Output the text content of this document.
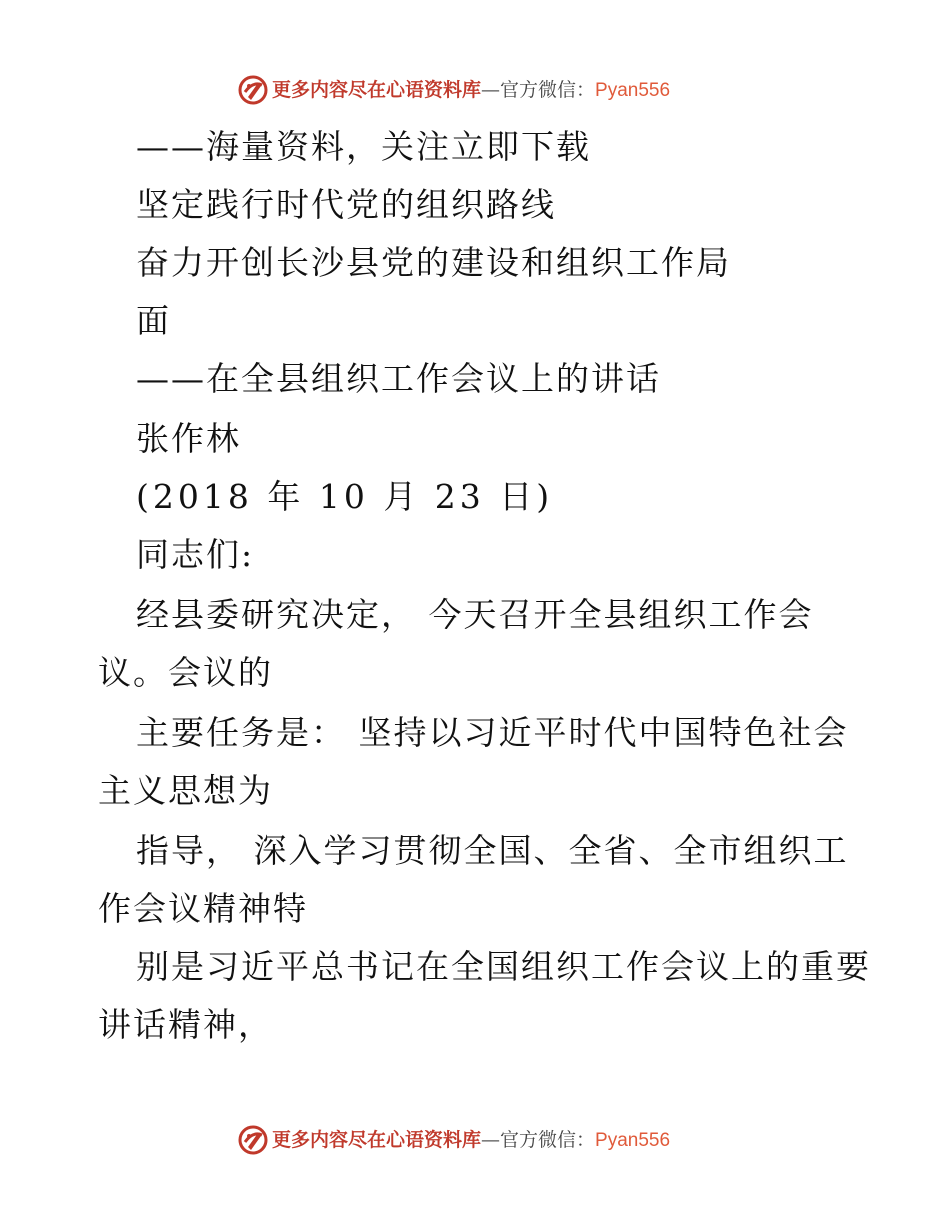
更多内容尽在心语资料库—官方微信：Pyan556
——海量资料，关注立即下载
坚定践行时代党的组织路线
奋力开创长沙县党的建设和组织工作局
面
——在全县组织工作会议上的讲话
张作林
(2018 年 10 月 23 日)
同志们:
经县委研究决定， 今天召开全县组织工作会
议。会议的
主要任务是： 坚持以习近平时代中国特色社会
主义思想为
指导， 深入学习贯彻全国、全省、全市组织工
作会议精神特
别是习近平总书记在全国组织工作会议上的重要
讲话精神，
更多内容尽在心语资料库—官方微信：Pyan556
